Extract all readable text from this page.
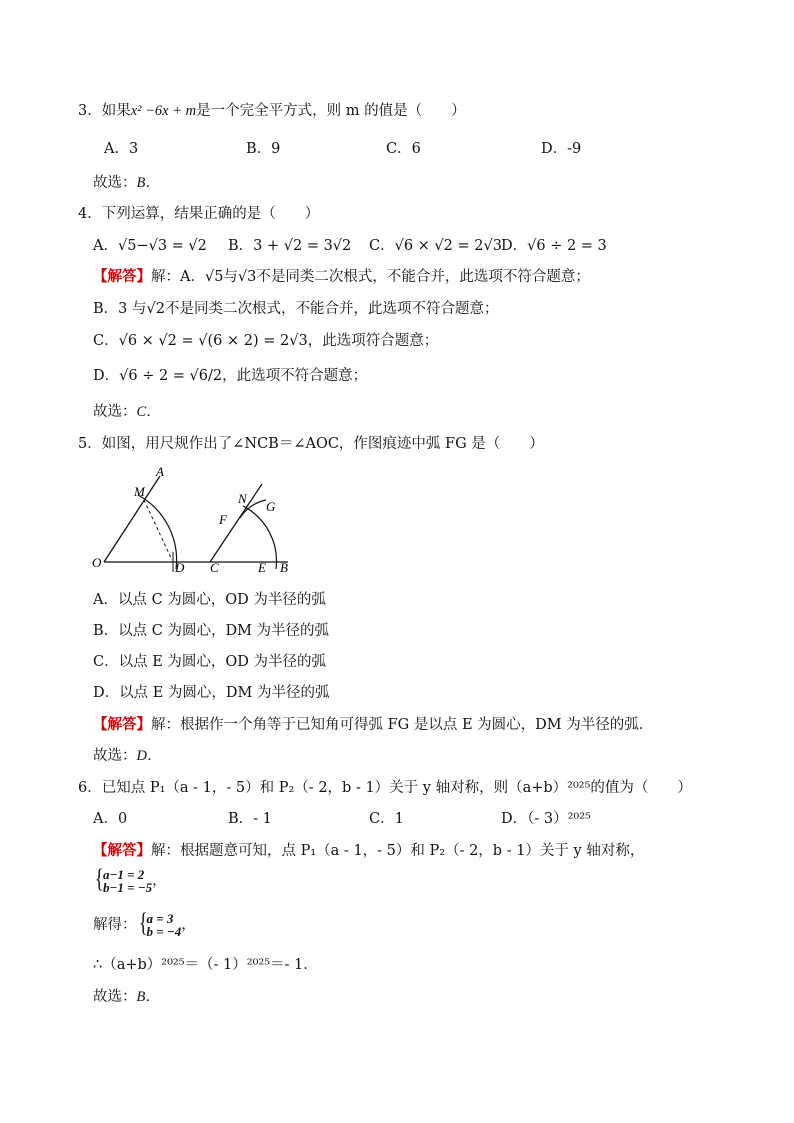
3．如果x² −6x + m是一个完全平方式，则 m 的值是（　　）
A．3	B．9	C．6	D．-9
故选：B．
4．下列运算，结果正确的是（　　）
A．√5−√3 = √2 B．3 + √2 = 3√2 C．√6 × √2 = 2√3 D．√6 ÷ 2 = 3
【解答】解：A．√5与√3不是同类二次根式，不能合并，此选项不符合题意；
B．3 与√2不是同类二次根式，不能合并，此选项不符合题意；
C．√6 × √2 = √(6 × 2) = 2√3，此选项符合题意；
D．√6 ÷ 2 = √6/2，此选项不符合题意；
故选：C．
5．如图，用尺规作出了∠NCB＝∠AOC，作图痕迹中弧 FG 是（　　）
A
M
O	D C
N
F
G
E B
A．以点 C 为圆心，OD 为半径的弧
B．以点 C 为圆心，DM 为半径的弧
C．以点 E 为圆心，OD 为半径的弧
D．以点 E 为圆心，DM 为半径的弧
【解答】解：根据作一个角等于已知角可得弧 FG 是以点 E 为圆心，DM 为半径的弧．
故选：D．
6．已知点 P₁（a - 1，- 5）和 P₂（- 2，b - 1）关于 y 轴对称，则（a+b）²⁰²⁵的值为（　　）
A．0	B．- 1	C．1	D．（- 3）²⁰²⁵
【解答】解：根据题意可知，点 P₁（a - 1，- 5）和 P₂（- 2，b - 1）关于 y 轴对称，
{ a−1 = 2
b−1 = −5 ，
解得： { a = 3
b = −4 ，
∴（a+b）²⁰²⁵＝（- 1）²⁰²⁵＝- 1．
故选：B．
